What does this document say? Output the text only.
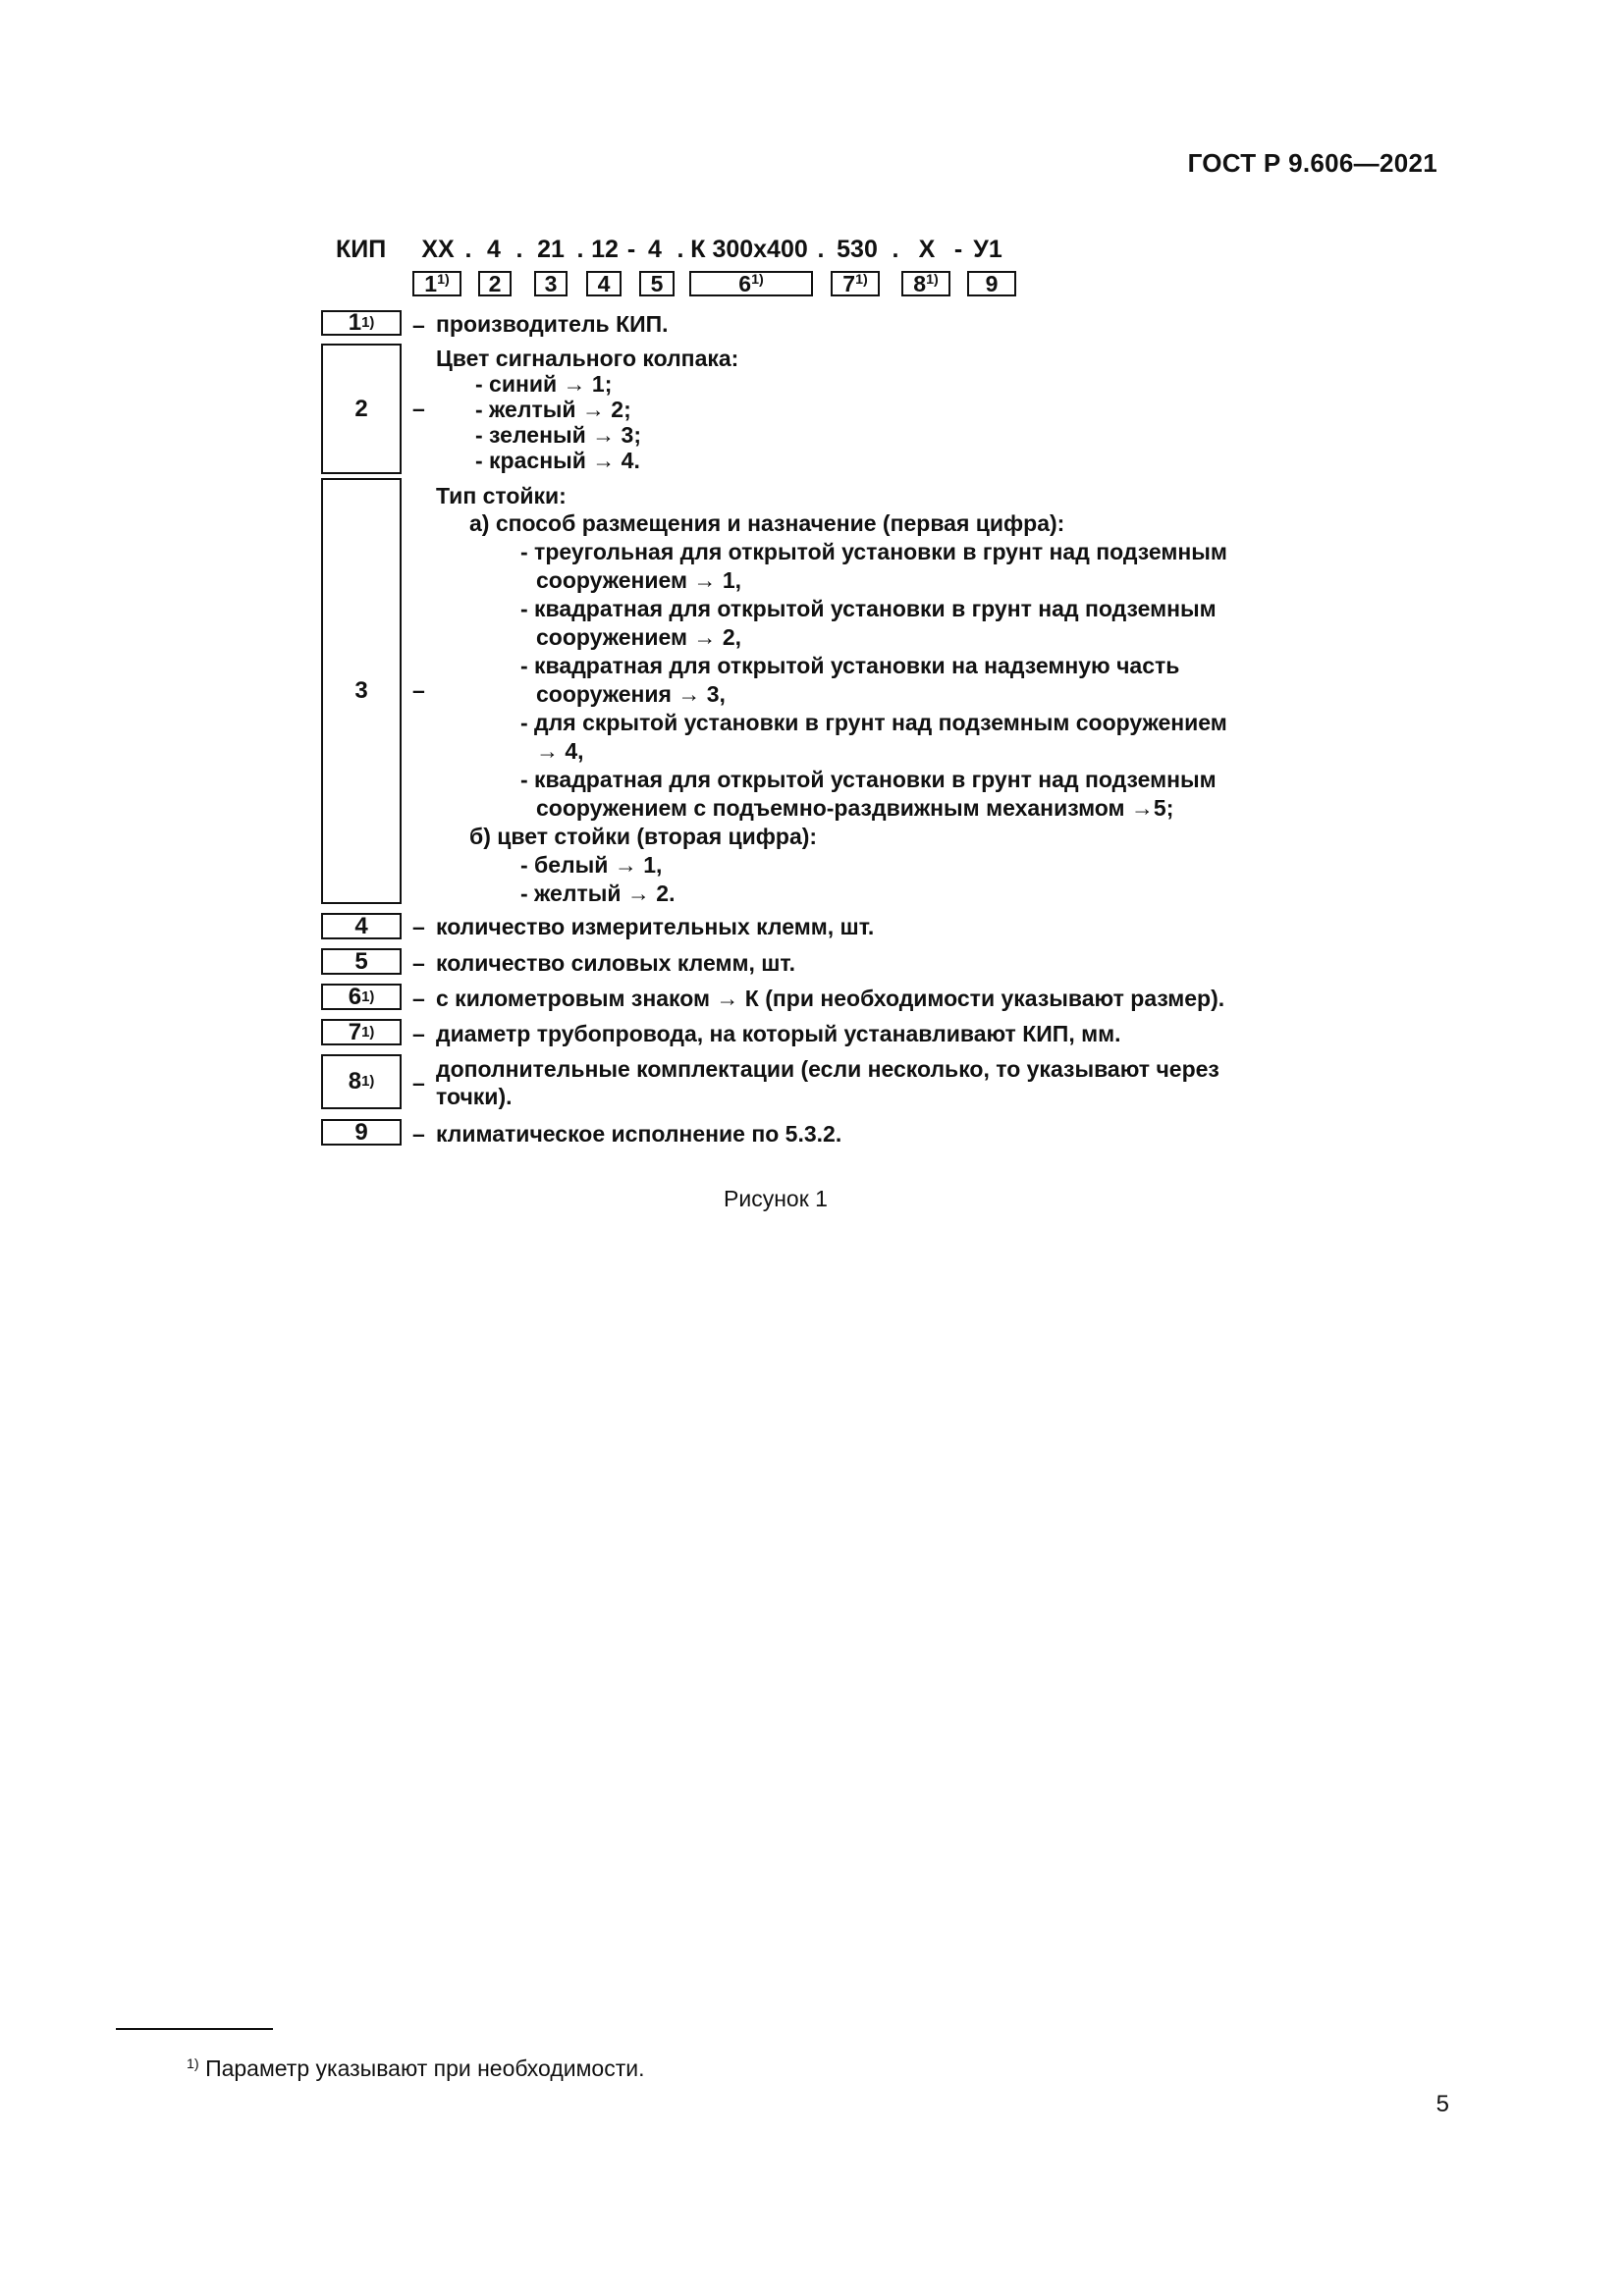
ГОСТ Р 9.606—2021
КИП ХХ . 4 . 21 . 12 - 4 . К 300х400 . 530 . Х - У1
1$^{1)}$	2	3	4	5	6$^{1)}$	7$^{1)}$	8$^{1)}$	9
1 1) – производитель КИП.
2 –
Цвет сигнального колпака:
- синий → 1;
- желтый → 2;
- зеленый → 3;
- красный → 4.
3 –
Тип стойки:
а) способ размещения и назначение (первая цифра):
- треугольная для открытой установки в грунт над подземным
сооружением → 1,
- квадратная для открытой установки в грунт над подземным
сооружением → 2,
- квадратная для открытой установки на надземную часть
сооружения → 3,
- для скрытой установки в грунт над подземным сооружением
→ 4,
- квадратная для открытой установки в грунт над подземным
сооружением с подъемно-раздвижным механизмом →5;
б) цвет стойки (вторая цифра):
- белый → 1,
- желтый → 2.
4 – количество измерительных клемм, шт.
5 – количество силовых клемм, шт.
6 1) – с километровым знаком → К (при необходимости указывают размер).
7 1) – диаметр трубопровода, на который устанавливают КИП, мм.
8 1) –
дополнительные комплектации (если несколько, то указывают через
точки).
9 – климатическое исполнение по 5.3.2.
Рисунок 1
$^{1)}$ Параметр указывают при необходимости.
5
